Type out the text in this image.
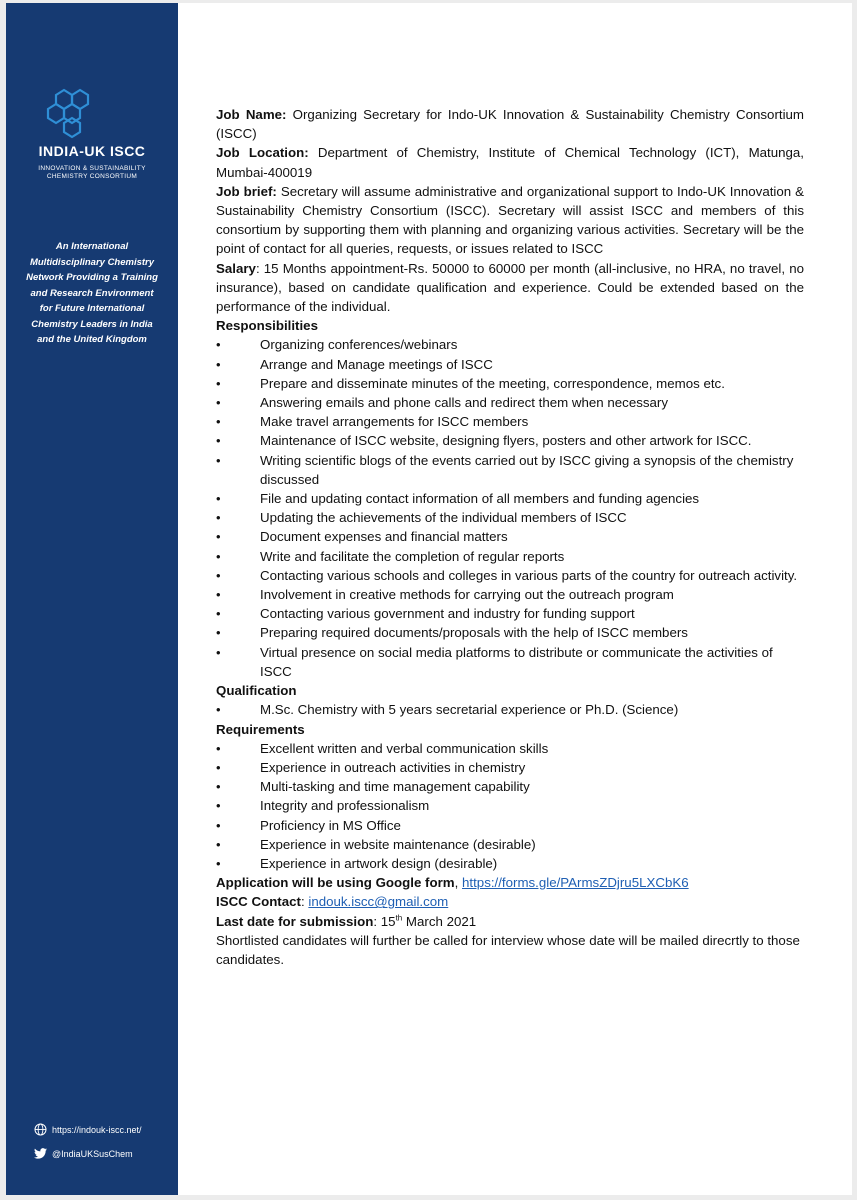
INDIA-UK ISCC
INNOVATION & SUSTAINABILITY
CHEMISTRY CONSORTIUM
An International
Multidisciplinary Chemistry
Network Providing a Training
and Research Environment
for Future International
Chemistry Leaders in India
and the United Kingdom
https://indouk-iscc.net/
@IndiaUKSusChem

Job Name: Organizing Secretary for Indo-UK Innovation & Sustainability Chemistry Consortium (ISCC)

Job Location: Department of Chemistry, Institute of Chemical Technology (ICT), Matunga, Mumbai-400019

Job brief: Secretary will assume administrative and organizational support to Indo-UK Innovation & Sustainability Chemistry Consortium (ISCC). Secretary will assist ISCC and members of this consortium by supporting them with planning and organizing various activities. Secretary will be the point of contact for all queries, requests, or issues related to ISCC

Salary: 15 Months appointment-Rs. 50000 to 60000 per month (all-inclusive, no HRA, no travel, no insurance), based on candidate qualification and experience. Could be extended based on the performance of the individual.

Responsibilities
• Organizing conferences/webinars
• Arrange and Manage meetings of ISCC
• Prepare and disseminate minutes of the meeting, correspondence, memos etc.
• Answering emails and phone calls and redirect them when necessary
• Make travel arrangements for ISCC members
• Maintenance of ISCC website, designing flyers, posters and other artwork for ISCC.
• Writing scientific blogs of the events carried out by ISCC giving a synopsis of the chemistry discussed
• File and updating contact information of all members and funding agencies
• Updating the achievements of the individual members of ISCC
• Document expenses and financial matters
• Write and facilitate the completion of regular reports
• Contacting various schools and colleges in various parts of the country for outreach activity.
• Involvement in creative methods for carrying out the outreach program
• Contacting various government and industry for funding support
• Preparing required documents/proposals with the help of ISCC members
• Virtual presence on social media platforms to distribute or communicate the activities of ISCC
Qualification
• M.Sc. Chemistry with 5 years secretarial experience or Ph.D. (Science)
Requirements
• Excellent written and verbal communication skills
• Experience in outreach activities in chemistry
• Multi-tasking and time management capability
• Integrity and professionalism
• Proficiency in MS Office
• Experience in website maintenance (desirable)
• Experience in artwork design (desirable)

Application will be using Google form, https://forms.gle/PArmsZDjru5LXCbK6

ISCC Contact: indouk.iscc@gmail.com

Last date for submission: 15th March 2021

Shortlisted candidates will further be called for interview whose date will be mailed direcrtly to those candidates.
